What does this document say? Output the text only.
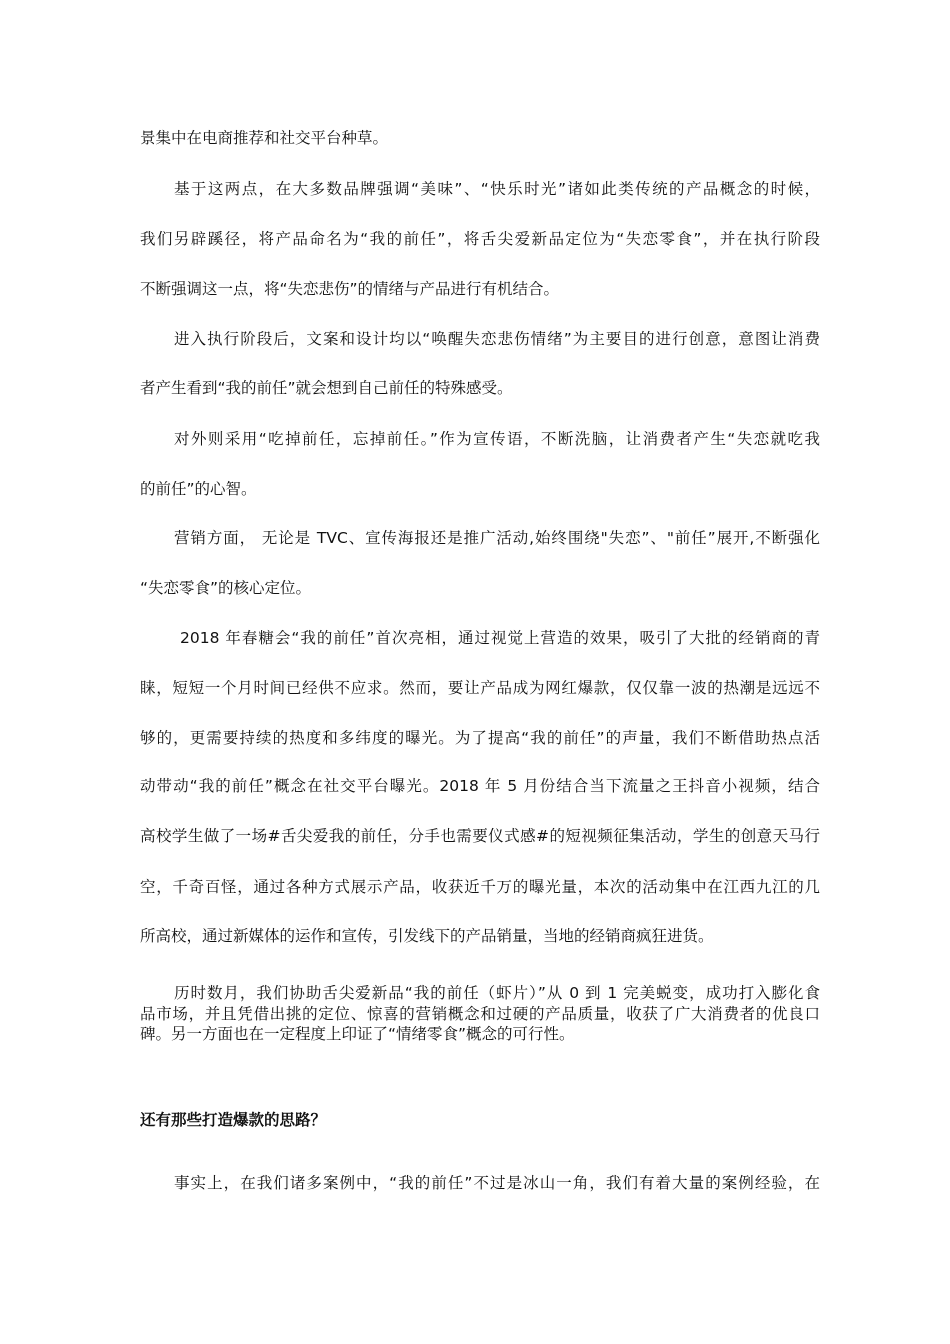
景集中在电商推荐和社交平台种草。

基于这两点，在大多数品牌强调“美味”、“快乐时光”诸如此类传统的产品概念的时候，

我们另辟蹊径，将产品命名为“我的前任”，将舌尖爱新品定位为“失恋零食”，并在执行阶段

不断强调这一点，将“失恋悲伤”的情绪与产品进行有机结合。

进入执行阶段后，文案和设计均以“唤醒失恋悲伤情绪”为主要目的进行创意，意图让消费

者产生看到“我的前任”就会想到自己前任的特殊感受。

对外则采用“吃掉前任，忘掉前任。”作为宣传语，不断洗脑，让消费者产生“失恋就吃我

的前任”的心智。

营销方面， 无论是 TVC、宣传海报还是推广活动,始终围绕"失恋”、"前任”展开,不断强化

“失恋零食”的核心定位。

2018 年春糖会“我的前任”首次亮相，通过视觉上营造的效果，吸引了大批的经销商的青

睐，短短一个月时间已经供不应求。然而，要让产品成为网红爆款，仅仅靠一波的热潮是远远不

够的，更需要持续的热度和多纬度的曝光。为了提高“我的前任”的声量，我们不断借助热点活

动带动“我的前任”概念在社交平台曝光。2018 年 5 月份结合当下流量之王抖音小视频，结合

高校学生做了一场#舌尖爱我的前任，分手也需要仪式感#的短视频征集活动，学生的创意天马行

空，千奇百怪，通过各种方式展示产品，收获近千万的曝光量，本次的活动集中在江西九江的几

所高校，通过新媒体的运作和宣传，引发线下的产品销量，当地的经销商疯狂进货。

历时数月，我们协助舌尖爱新品“我的前任（虾片）”从 0 到 1 完美蜕变，成功打入膨化食

品市场，并且凭借出挑的定位、惊喜的营销概念和过硬的产品质量，收获了广大消费者的优良口

碑。另一方面也在一定程度上印证了“情绪零食”概念的可行性。

还有那些打造爆款的思路？

事实上，在我们诸多案例中，“我的前任”不过是冰山一角，我们有着大量的案例经验，在
